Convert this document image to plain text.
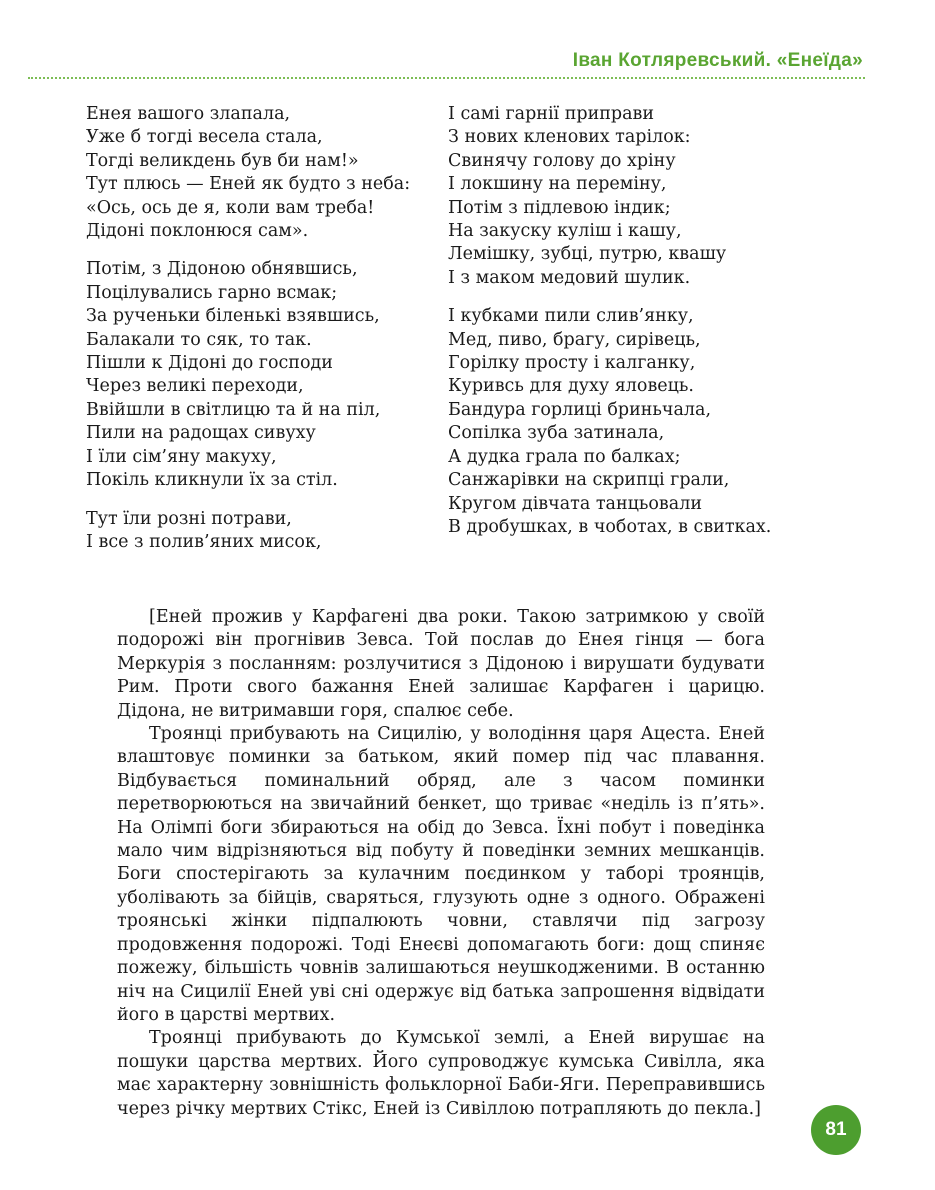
Іван Котляревський. «Енеїда»
Енея вашого злапала,
Уже б тогді весела стала,
Тогді великдень був би нам!»
Тут плюсь — Еней як будто з неба:
«Ось, ось де я, коли вам треба!
Дідоні поклонюся сам».
Потім, з Дідоною обнявшись,
Поцілувались гарно всмак;
За рученьки біленькі взявшись,
Балакали то сяк, то так.
Пішли к Дідоні до господи
Через великі переходи,
Ввійшли в світлицю та й на піл,
Пили на радощах сивуху
І їли сім’яну макуху,
Покіль кликнули їх за стіл.
Тут їли розні потрави,
І все з полив’яних мисок,
І самі гарнії приправи
З нових кленових тарілок:
Свинячу голову до хріну
І локшину на переміну,
Потім з підлевою індик;
На закуску куліш і кашу,
Лемішку, зубці, путрю, квашу
І з маком медовий шулик.
І кубками пили слив’янку,
Мед, пиво, брагу, сирівець,
Горілку просту і калганку,
Куривсь для духу яловець.
Бандура горлиці бриньчала,
Сопілка зуба затинала,
А дудка грала по балках;
Санжарівки на скрипці грали,
Кругом дівчата танцьовали
В дробушках, в чоботах, в свитках.

[Еней прожив у Карфагені два роки. Такою затримкою у своїй подорожі він прогнівив Зевса. Той послав до Енея гінця — бога Меркурія з посланням: розлучитися з Дідоною і вирушати будувати Рим. Проти свого бажання Еней залишає Карфаген і царицю. Дідона, не витримавши горя, спалює себе.

Троянці прибувають на Сицилію, у володіння царя Ацеста. Еней влаштовує поминки за батьком, який помер під час плавання. Відбувається поминальний обряд, але з часом поминки перетворюються на звичайний бенкет, що триває «неділь із п’ять». На Олімпі боги збираються на обід до Зевса. Їхні побут і поведінка мало чим відрізняються від побуту й поведінки земних мешканців. Боги спостерігають за кулачним поєдинком у таборі троянців, уболівають за бійців, сваряться, глузують одне з одного. Ображені троянські жінки підпалюють човни, ставлячи під загрозу продовження подорожі. Тоді Енеєві допомагають боги: дощ спиняє пожежу, більшість човнів залишаються неушкодженими. В останню ніч на Сицилії Еней уві сні одержує від батька запрошення відвідати його в царстві мертвих.

Троянці прибувають до Кумської землі, а Еней вирушає на пошуки царства мертвих. Його супроводжує кумська Сивілла, яка має характерну зовнішність фольклорної Баби-Яги. Переправившись через річку мертвих Стікс, Еней із Сивіллою потрапляють до пекла.]

81
